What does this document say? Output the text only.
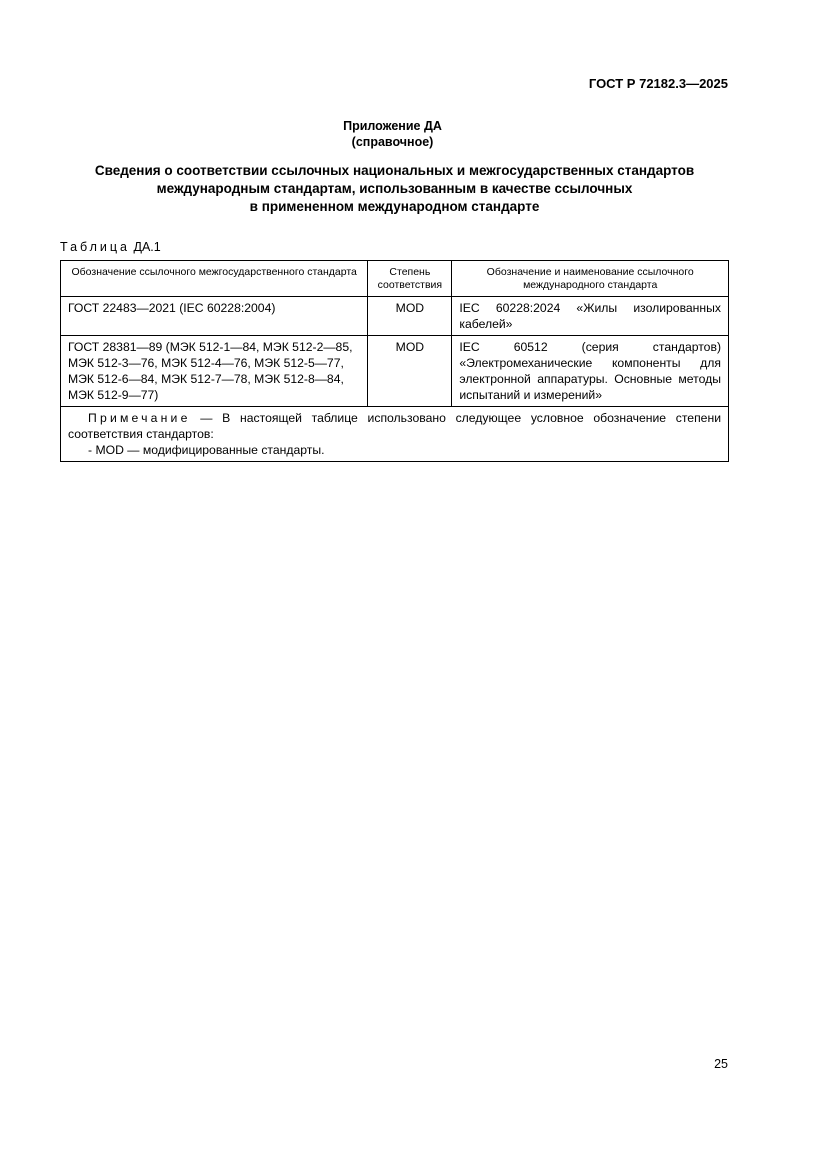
ГОСТ Р 72182.3—2025
Приложение ДА
(справочное)
Сведения о соответствии ссылочных национальных и межгосударственных стандартов
международным стандартам, использованным в качестве ссылочных
в примененном международном стандарте
Таблица ДА.1
Обозначение ссылочного межгосударственного стандарта	Степень соответствия	Обозначение и наименование ссылочного международного стандарта
ГОСТ 22483—2021 (IEC 60228:2004)	MOD	IEC 60228:2024 «Жилы изолированных кабелей»
ГОСТ 28381—89 (МЭК 512-1—84, МЭК 512-2—85, МЭК 512-3—76, МЭК 512-4—76, МЭК 512-5—77, МЭК 512-6—84, МЭК 512-7—78, МЭК 512-8—84, МЭК 512-9—77)	MOD	IEC 60512 (серия стандартов) «Электромеханические компоненты для электронной аппаратуры. Основные методы испытаний и измерений»

Примечание — В настоящей таблице использовано следующее условное обозначение степени соответствия стандартов:
- MOD — модифицированные стандарты.		
25
